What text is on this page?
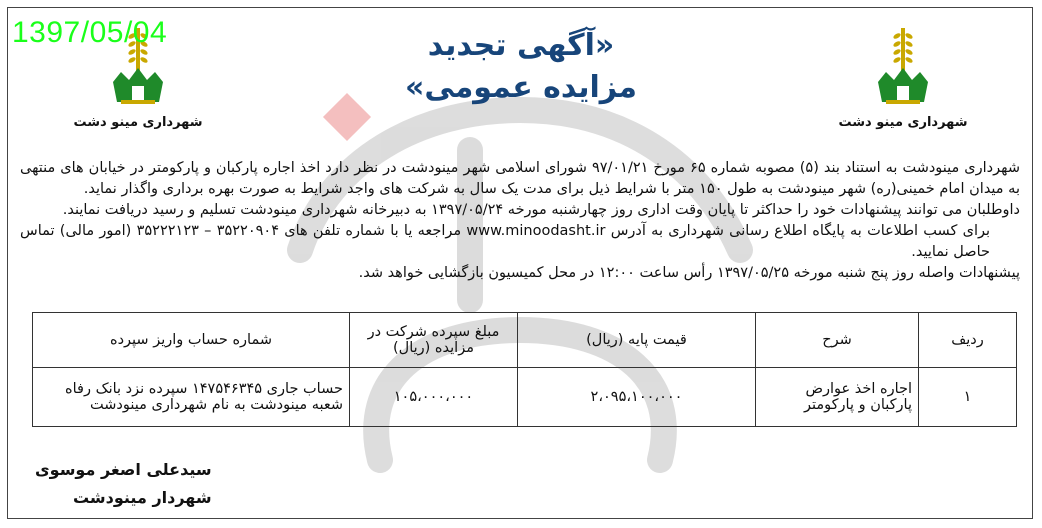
1397/05/04
شهرداری مینو دشت	شهرداری مینو دشت
«آگهی تجدید
مزایده عمومی»

شهرداری مینودشت به استناد بند (۵) مصوبه شماره ۶۵ مورخ ۹۷/۰۱/۲۱ شورای اسلامی شهر مینودشت در نظر دارد اخذ اجاره پارکبان و پارکومتر در خیابان های منتهی به میدان امام خمینی(ره) شهر مینودشت به طول ۱۵۰ متر با شرایط ذیل برای مدت یک سال به شرکت های واجد شرایط به صورت بهره برداری واگذار نماید.

داوطلبان می توانند پیشنهادات خود را حداکثر تا پایان وقت اداری روز چهارشنبه مورخه ۱۳۹۷/۰۵/۲۴ به دبیرخانه شهرداری مینودشت تسلیم و رسید دریافت نمایند.

برای کسب اطلاعات به پایگاه اطلاع رسانی شهرداری به آدرس www.minoodasht.ir مراجعه یا با شماره تلفن های ۳۵۲۲۰۹۰۴ – ۳۵۲۲۲۱۲۳ (امور مالی) تماس حاصل نمایید.

پیشنهادات واصله روز پنج شنبه مورخه ۱۳۹۷/۰۵/۲۵ رأس ساعت ۱۲:۰۰ در محل کمیسیون بازگشایی خواهد شد.

ردیف	شرح	قیمت پایه (ریال)	مبلغ سپرده شرکت در مزایده (ریال)	شماره حساب واریز سپرده
۱	اجاره اخذ عوارض پارکبان و پارکومتر	۲،۰۹۵،۱۰۰،۰۰۰	۱۰۵،۰۰۰،۰۰۰	حساب جاری ۱۴۷۵۴۶۳۴۵ سپرده نزد بانک رفاه شعبه مینودشت به نام شهرداری مینودشت
سیدعلی اصغر موسوی
شهردار مینودشت
